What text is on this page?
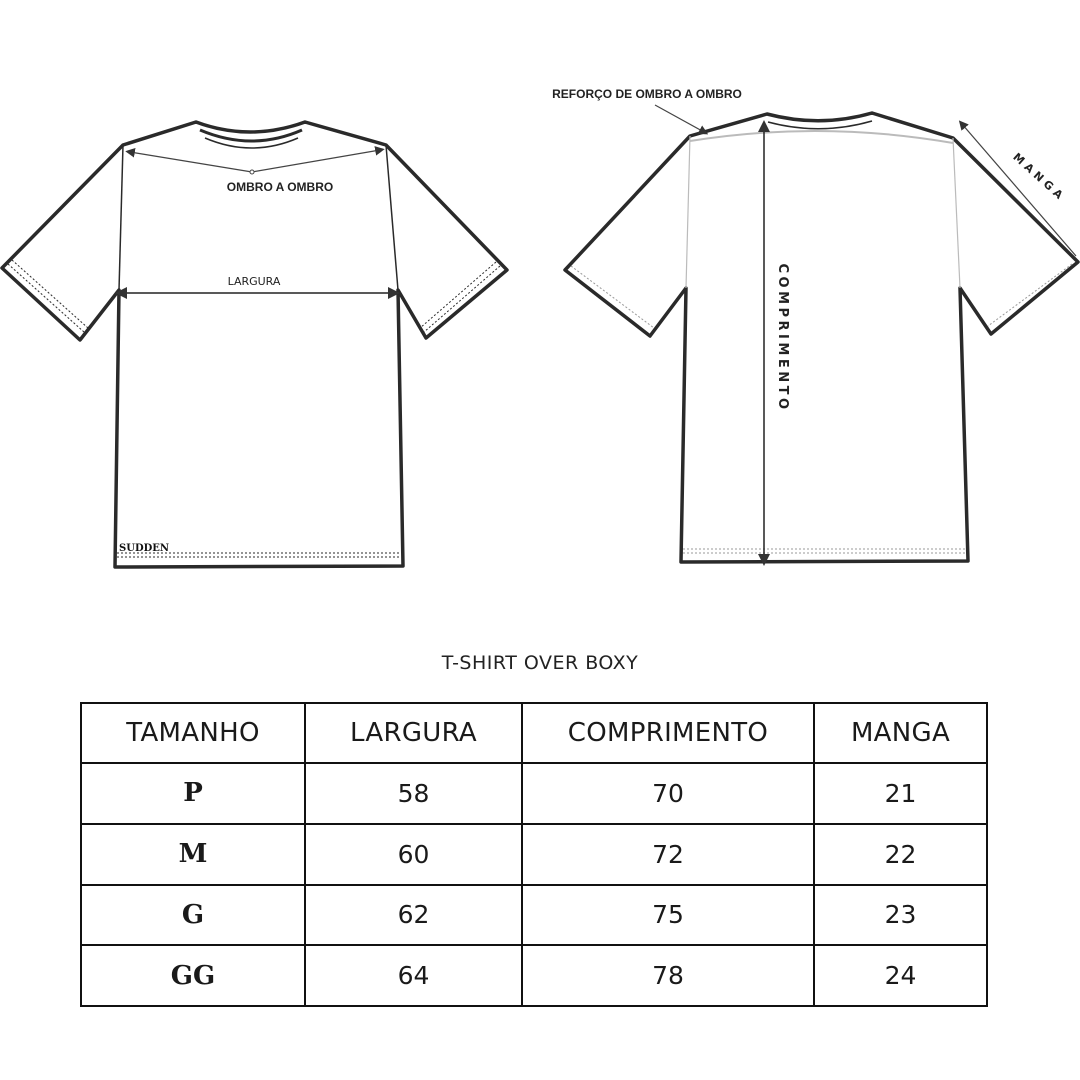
OMBRO A OMBRO
LARGURA
SUDDEN
REFORÇO DE OMBRO A OMBRO
MANGA
COMPRIMENTO
T-SHIRT OVER BOXY
TAMANHO	LARGURA	COMPRIMENTO	MANGA
P	58	70	21
M	60	72	22
G	62	75	23
GG	64	78	24
